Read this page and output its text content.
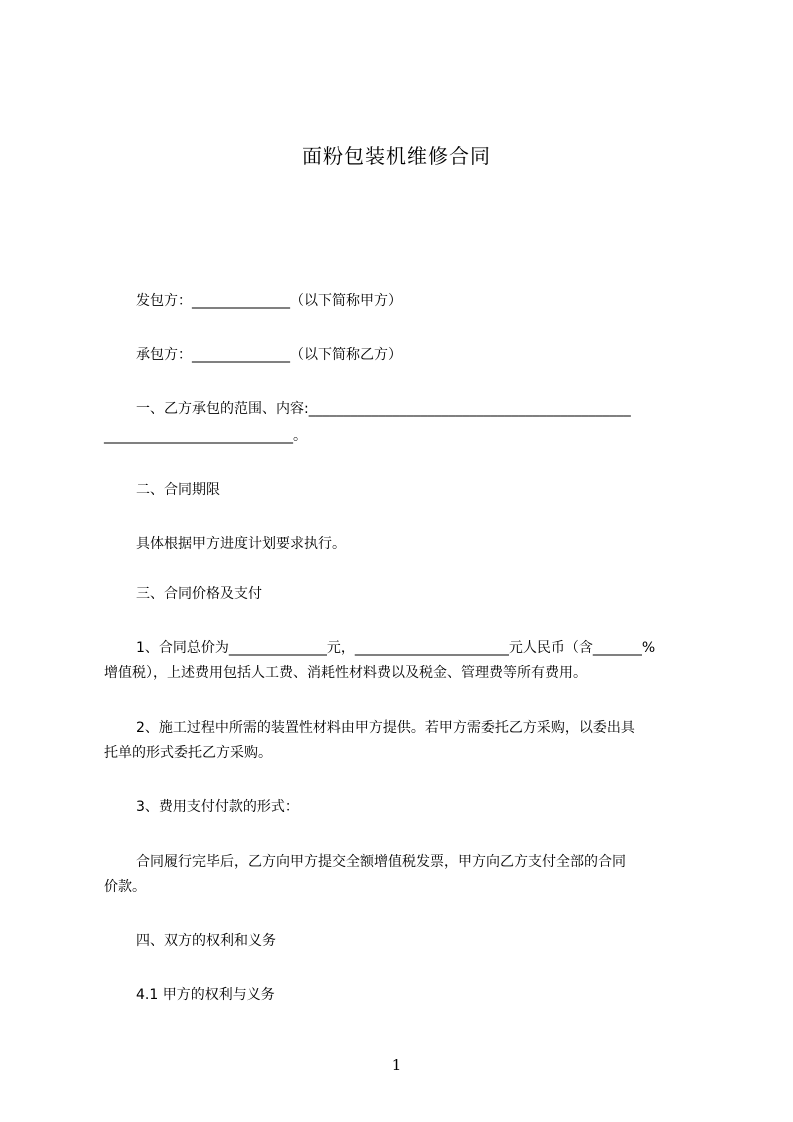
面粉包装机维修合同
发包方：______________（以下简称甲方）
承包方：______________（以下简称乙方）
一、乙方承包的范围、内容:______________________________________________
___________________________。
二、合同期限
具体根据甲方进度计划要求执行。
三、合同价格及支付
1、合同总价为______________元，______________________元人民币（含_______%
增值税），上述费用包括人工费、消耗性材料费以及税金、管理费等所有费用。
2、施工过程中所需的装置性材料由甲方提供。若甲方需委托乙方采购，以委出具
托单的形式委托乙方采购。
3、费用支付付款的形式：
合同履行完毕后，乙方向甲方提交全额增值税发票，甲方向乙方支付全部的合同
价款。
四、双方的权利和义务
4.1 甲方的权利与义务
1
